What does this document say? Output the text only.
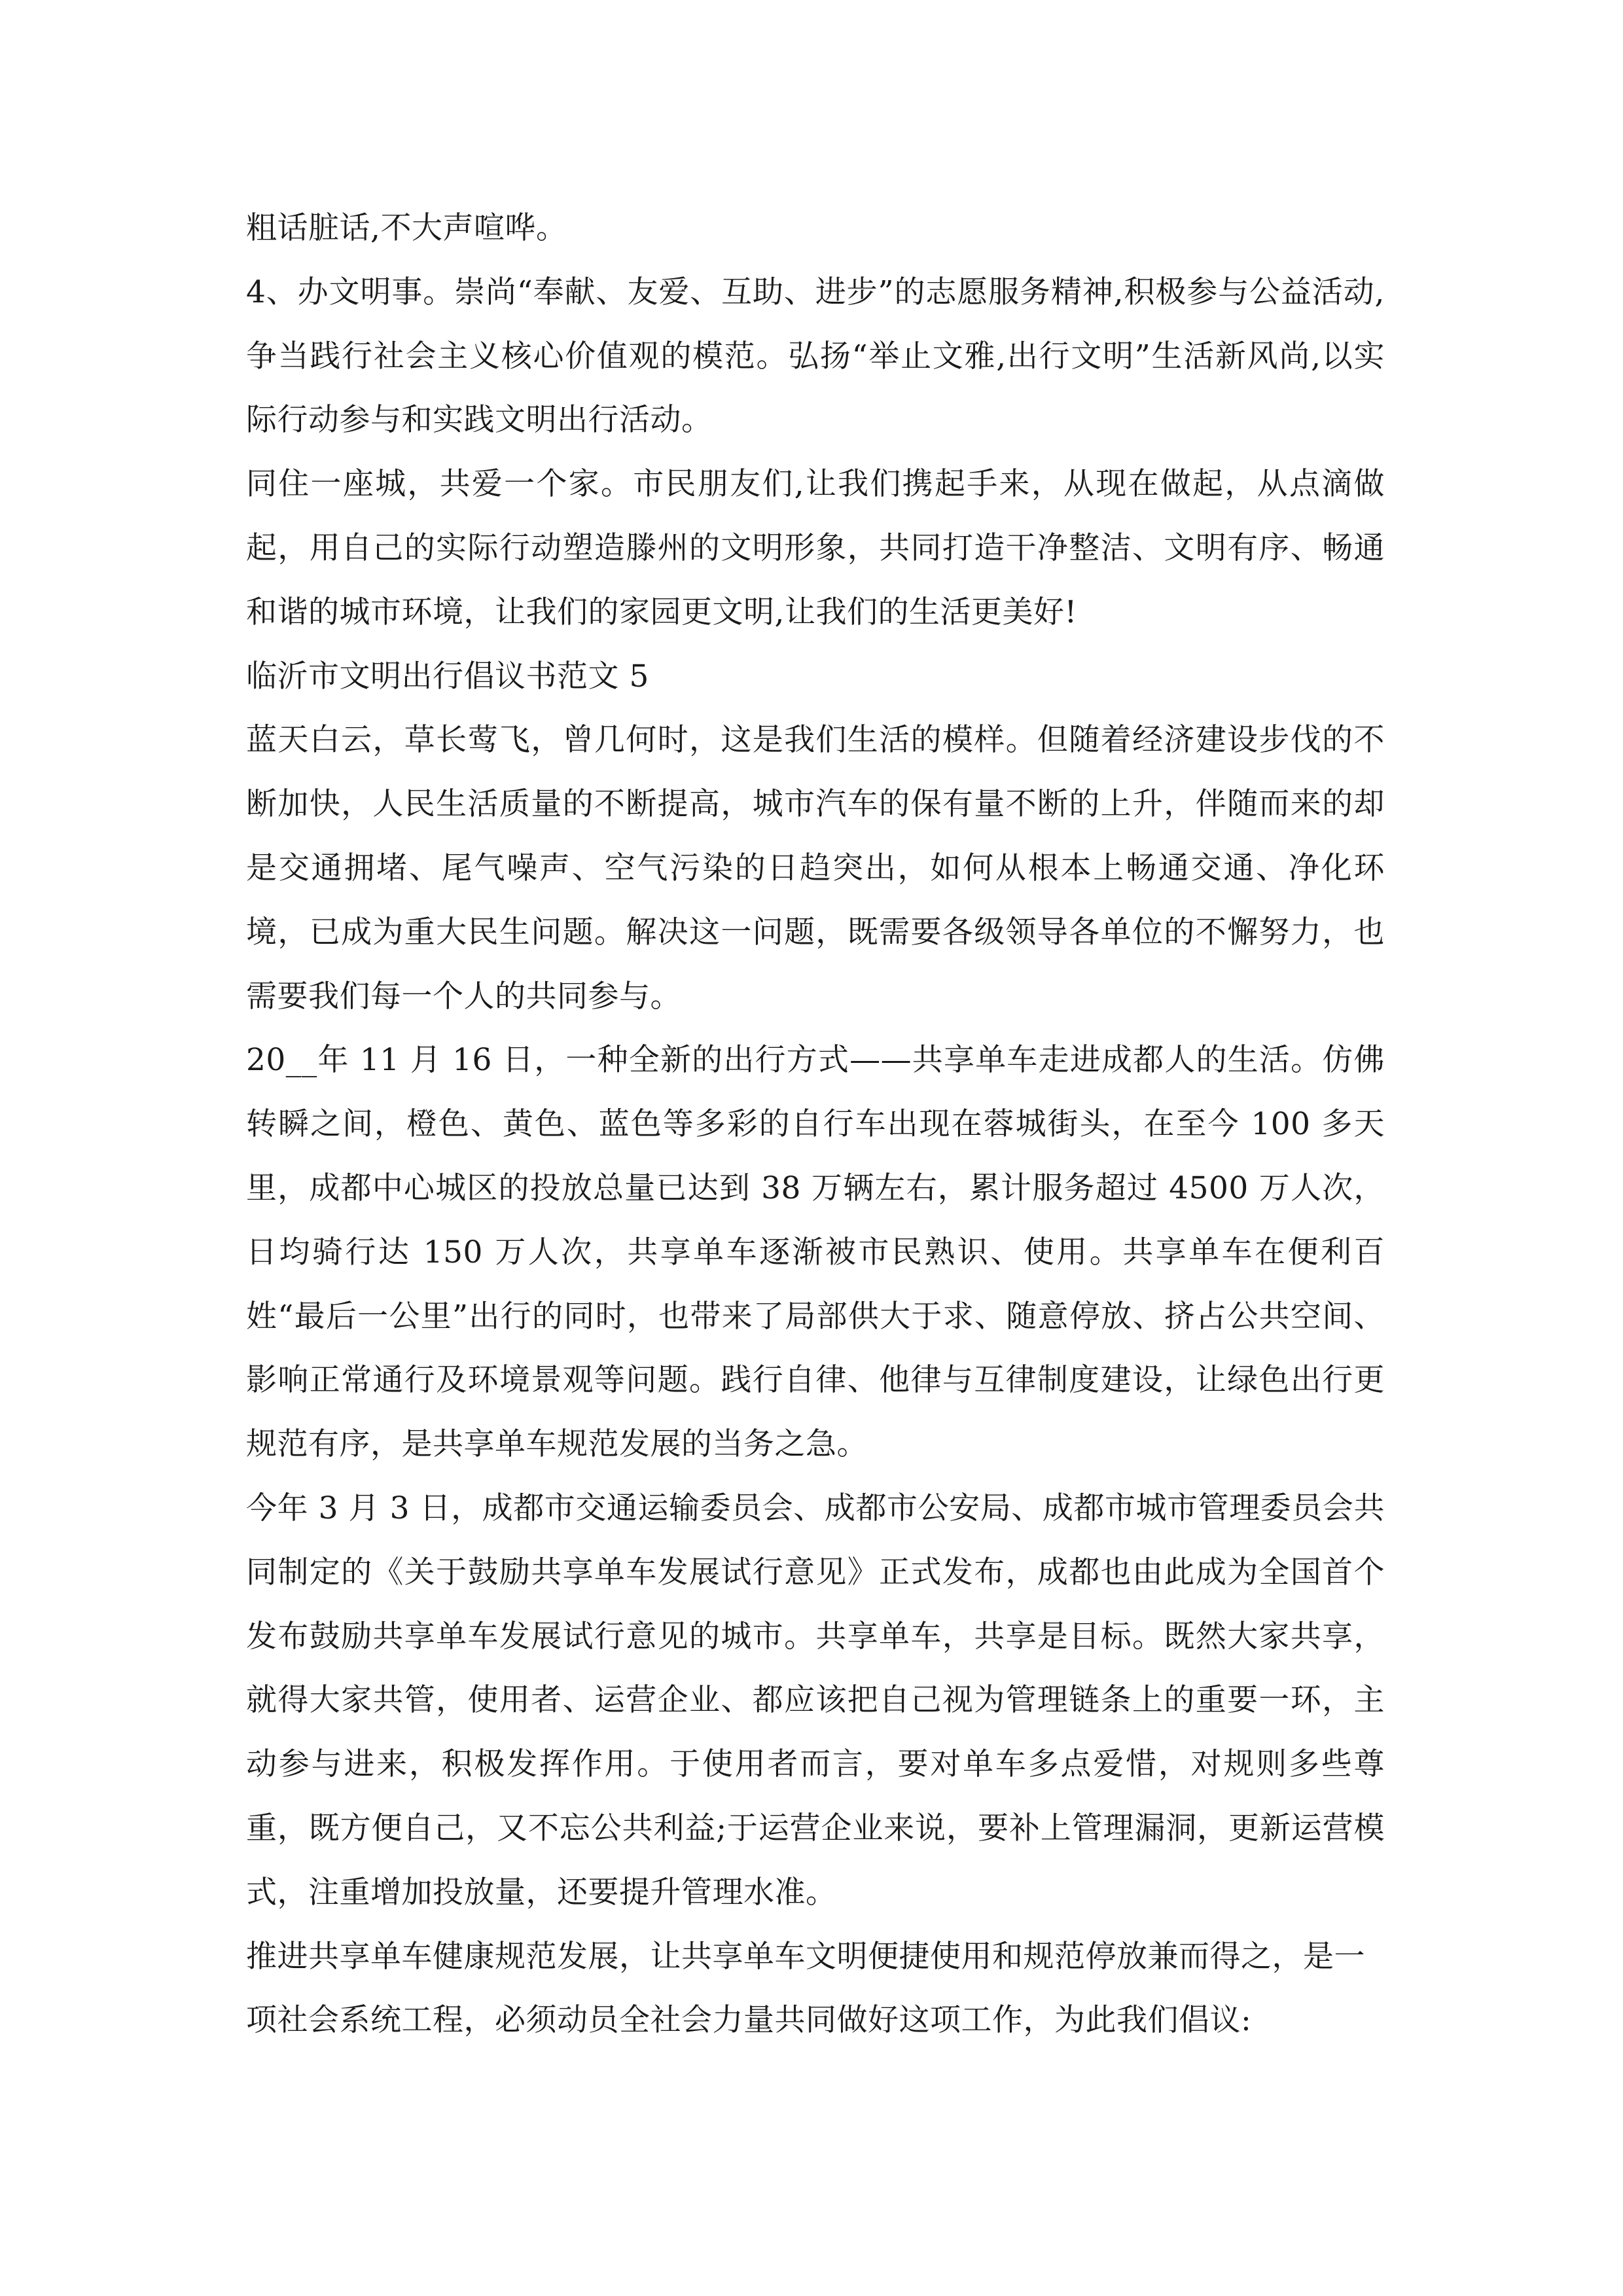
粗话脏话,不大声喧哗。

4、办文明事。崇尚“奉献、友爱、互助、进步”的志愿服务精神,积极参与公益活动,争当践行社会主义核心价值观的模范。弘扬“举止文雅,出行文明”生活新风尚,以实际行动参与和实践文明出行活动。

同住一座城，共爱一个家。市民朋友们,让我们携起手来，从现在做起，从点滴做起，用自己的实际行动塑造滕州的文明形象，共同打造干净整洁、文明有序、畅通和谐的城市环境，让我们的家园更文明,让我们的生活更美好!

临沂市文明出行倡议书范文 5

蓝天白云，草长莺飞，曾几何时，这是我们生活的模样。但随着经济建设步伐的不断加快，人民生活质量的不断提高，城市汽车的保有量不断的上升，伴随而来的却是交通拥堵、尾气噪声、空气污染的日趋突出，如何从根本上畅通交通、净化环境，已成为重大民生问题。解决这一问题，既需要各级领导各单位的不懈努力，也需要我们每一个人的共同参与。

20__年 11 月 16 日，一种全新的出行方式——共享单车走进成都人的生活。仿佛转瞬之间，橙色、黄色、蓝色等多彩的自行车出现在蓉城街头，在至今 100 多天里，成都中心城区的投放总量已达到 38 万辆左右，累计服务超过 4500 万人次，日均骑行达 150 万人次，共享单车逐渐被市民熟识、使用。共享单车在便利百姓“最后一公里”出行的同时，也带来了局部供大于求、随意停放、挤占公共空间、影响正常通行及环境景观等问题。践行自律、他律与互律制度建设，让绿色出行更规范有序，是共享单车规范发展的当务之急。

今年 3 月 3 日，成都市交通运输委员会、成都市公安局、成都市城市管理委员会共同制定的《关于鼓励共享单车发展试行意见》正式发布，成都也由此成为全国首个发布鼓励共享单车发展试行意见的城市。共享单车，共享是目标。既然大家共享，就得大家共管，使用者、运营企业、都应该把自己视为管理链条上的重要一环，主动参与进来，积极发挥作用。于使用者而言，要对单车多点爱惜，对规则多些尊重，既方便自己，又不忘公共利益;于运营企业来说，要补上管理漏洞，更新运营模式，注重增加投放量，还要提升管理水准。

推进共享单车健康规范发展，让共享单车文明便捷使用和规范停放兼而得之，是一项社会系统工程，必须动员全社会力量共同做好这项工作，为此我们倡议:
